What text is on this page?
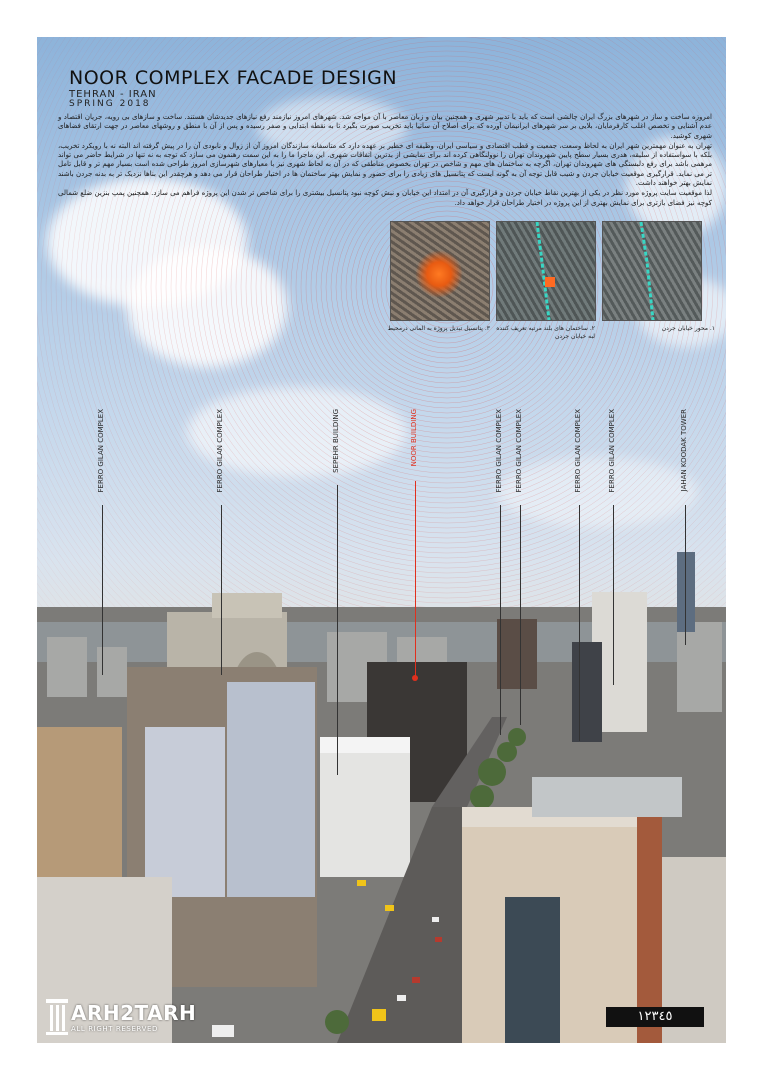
NOOR COMPLEX FACADE DESIGN
TEHRAN - IRAN
SPRING 2018

امروزه ساخت و ساز در شهرهای بزرگ ایران چالشی است که باید با تدبیر شهری و همچنین بیان و زبان معاصر با آن مواجه شد. شهرهای امروز نیازمند رفع نیازهای جدیدشان هستند. ساخت و سازهای بی رویه، جریان اقتصاد و عدم آشنایی و تخصص اغلب کارفرمایان، بلایی بر سر شهرهای ایرانیمان آورده که برای اصلاح آن ساتیا باید تخریب صورت بگیرد تا به نقطه ابتدایی و صفر رسیده و پس از آن با منطق و روشهای معاصر در جهت ارتقای فضاهای شهری کوشید.

تهران به عنوان مهمترین شهر ایران به لحاظ وسعت، جمعیت و قطب اقتصادی و سیاسی ایران، وظیفه ای خطیر بر عهده دارد که متاسفانه سازندگان امروز آن از زوال و نابودی آن را در پیش گرفته اند البته نه با رویکرد تخریب، بلکه با سواستفاده از سلیقه، هدری بسیار سطح پایین شهروندان تهران را نوولنگاهی کرده اند برای نمایشی از بدترین اتفاقات شهری. این ماجرا ما را به این سمت رهنمون می سازد که توجه به نه تنها در شرایط حاضر می تواند مرهمی باشد برای رفع دلبستگی های شهروندان تهران، اگرچه به ساختمان های مهم و شاخص در تهران بخصوص مناطقی که در آن به لحاظ شهری نیز با معیارهای شهرسازی امروز طراحی شده است بسیار مهم تر و قابل تامل تر می نماید. قرارگیری موقعیت خیابان جردن و شیب قابل توجه آن به گونه ایست که پتانسیل های زیادی را برای حضور و نمایش بهتر ساختمان ها در اختیار طراحان قرار می دهد و هرچقدر این بناها نزدیک تر به بدنه جردن باشند نمایش بهتر خواهند داشت.

لذا موقعیت سایت پروژه مورد نظر در یکی از بهترین نقاط خیابان جردن و قرارگیری آن در امتداد این خیابان و نبش کوچه نبود پتانسیل بیشتری را برای شاخص تر شدن این پروژه فراهم می سازد. همچنین پمپ بنزین ضلع شمالی کوچه نیز فضای بازتری برای نمایش بهتری از این پروژه در اختیار طراحان قرار خواهد داد.

۱. محور خیابان جردن
۲. ساختمان های بلند مرتبه تعریف کننده لبه خیابان جردن
۳. پتانسیل تبدیل پروژه به المانی درمحیط
FERRO GILAN COMPLEX	FERRO GILAN COMPLEX	SEPEHR BUILDING	NOOR BUILDING	FERRO GILAN COMPLEX FERRO GILAN COMPLEX	FERRO GILAN COMPLEX	FERRO GILAN COMPLEX	JAHAN KOODAK TOWER
ARH2TARH
ALL RIGHT RESERVED
١٢٣٤٥
